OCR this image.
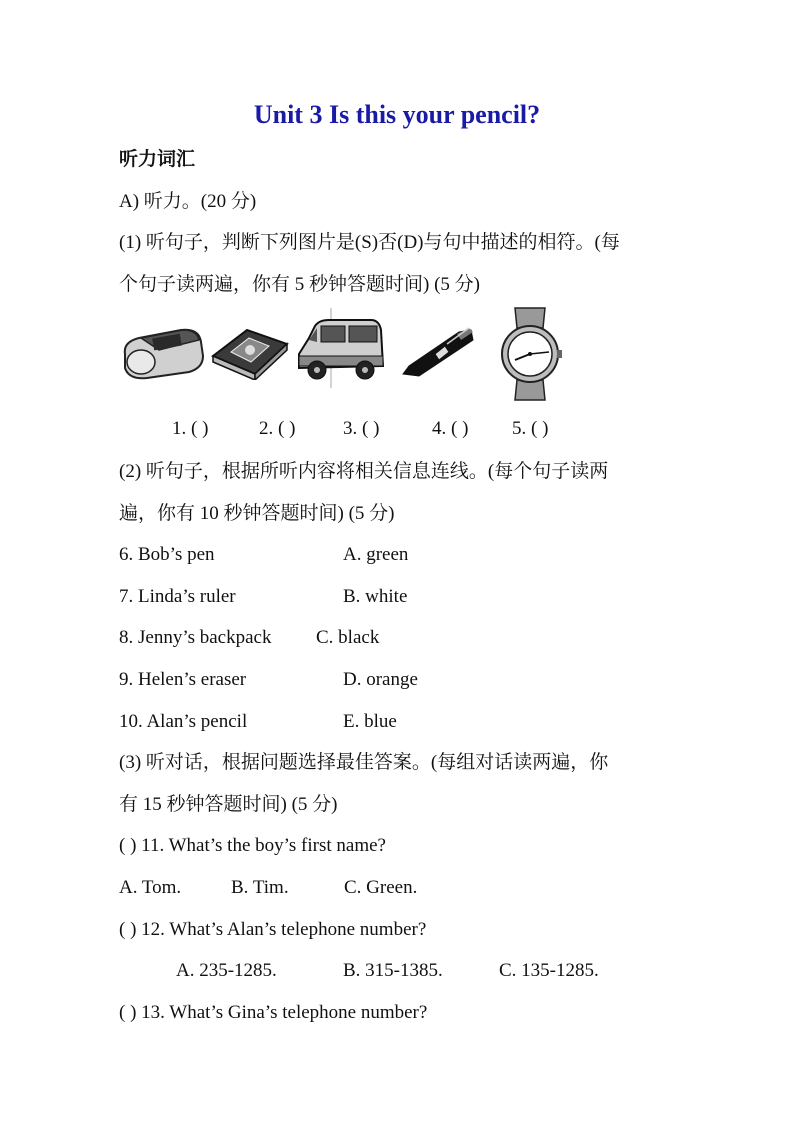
Unit 3 Is this your pencil?
听力词汇
A) 听力。(20 分)
(1) 听句子，判断下列图片是(S)否(D)与句中描述的相符。(每
个句子读两遍，你有 5 秒钟答题时间) (5 分)
1. ( )	2. ( )	3. ( )	4. ( ) 5. ( )
(2) 听句子，根据所听内容将相关信息连线。(每个句子读两
遍，你有 10 秒钟答题时间) (5 分)
6. Bob’s pen	A. green
7. Linda’s ruler	B. white
8. Jenny’s backpack C. black
9. Helen’s eraser	D. orange
10. Alan’s pencil	E. blue
(3) 听对话，根据问题选择最佳答案。(每组对话读两遍，你
有 15 秒钟答题时间) (5 分)
( ) 11. What’s the boy’s first name?
A. Tom.	B. Tim.	C. Green.
( ) 12. What’s Alan’s telephone number?
A. 235-1285.	B. 315-1385.	C. 135-1285.
( ) 13. What’s Gina’s telephone number?
